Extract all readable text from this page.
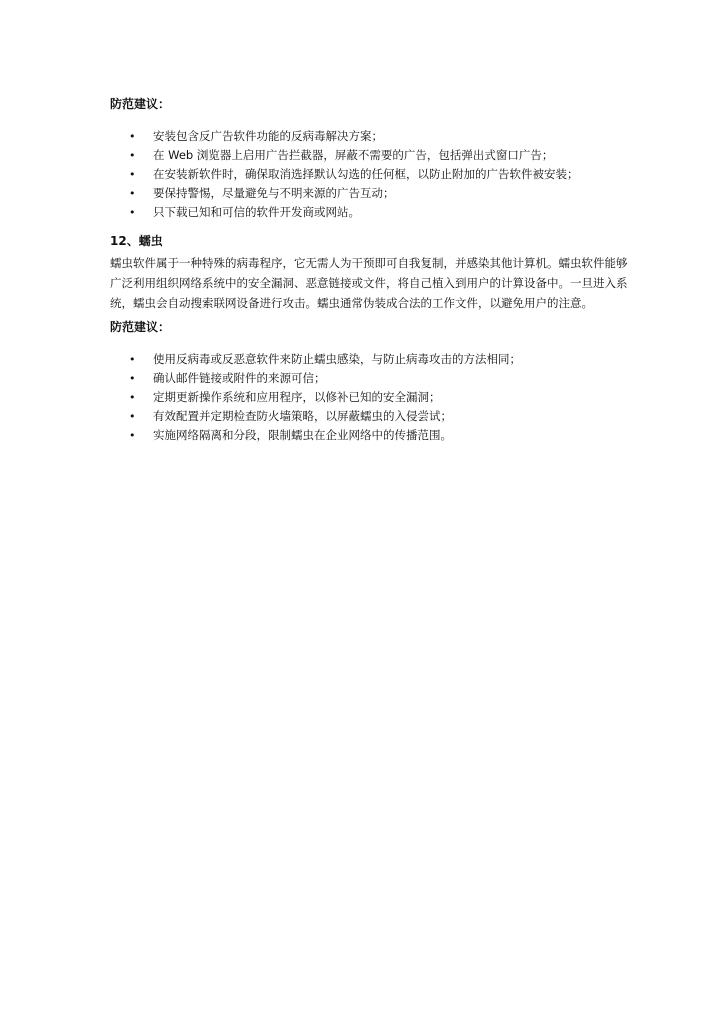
防范建议：

• 安装包含反广告软件功能的反病毒解决方案；
• 在 Web 浏览器上启用广告拦截器，屏蔽不需要的广告，包括弹出式窗口广告；
• 在安装新软件时，确保取消选择默认勾选的任何框，以防止附加的广告软件被安装；
• 要保持警惕，尽量避免与不明来源的广告互动；
• 只下载已知和可信的软件开发商或网站。

12、蠕虫

蠕虫软件属于一种特殊的病毒程序，它无需人为干预即可自我复制，并感染其他计算机。蠕虫软件能够广泛利用组织网络系统中的安全漏洞、恶意链接或文件，将自己植入到用户的计算设备中。一旦进入系统，蠕虫会自动搜索联网设备进行攻击。蠕虫通常伪装成合法的工作文件，以避免用户的注意。

防范建议：

• 使用反病毒或反恶意软件来防止蠕虫感染，与防止病毒攻击的方法相同；
• 确认邮件链接或附件的来源可信；
• 定期更新操作系统和应用程序，以修补已知的安全漏洞；
• 有效配置并定期检查防火墙策略，以屏蔽蠕虫的入侵尝试；
• 实施网络隔离和分段，限制蠕虫在企业网络中的传播范围。
